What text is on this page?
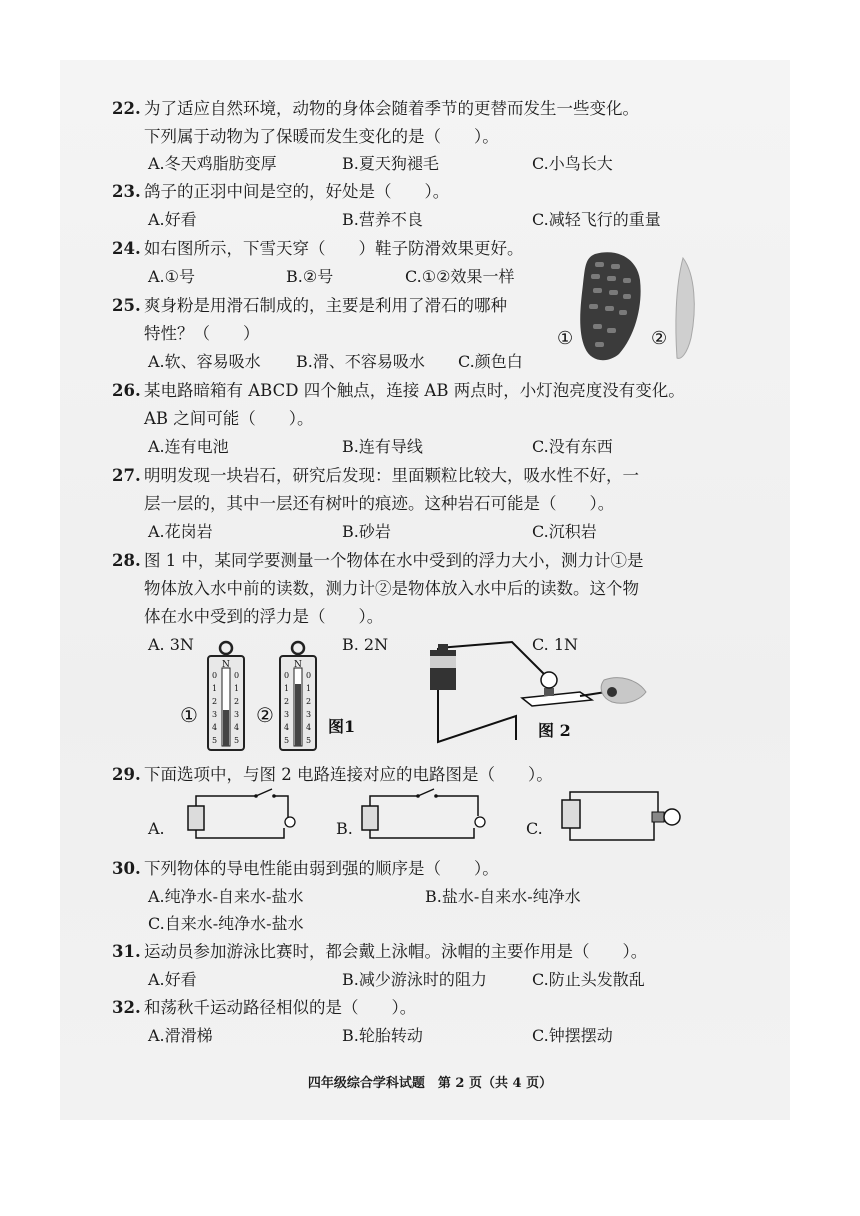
22. 为了适应自然环境，动物的身体会随着季节的更替而发生一些变化。
下列属于动物为了保暖而发生变化的是（　　）。
A.冬天鸡脂肪变厚	B.夏天狗褪毛	C.小鸟长大
23. 鸽子的正羽中间是空的，好处是（　　）。
A.好看	B.营养不良	C.减轻飞行的重量
24. 如右图所示，下雪天穿（　　）鞋子防滑效果更好。
A.①号	B.②号	C.①②效果一样
①	②
25. 爽身粉是用滑石制成的，主要是利用了滑石的哪种
特性？（　　）
A.软、容易吸水 B.滑、不容易吸水 C.颜色白
26. 某电路暗箱有 ABCD 四个触点，连接 AB 两点时，小灯泡亮度没有变化。
AB 之间可能（　　）。
A.连有电池	B.连有导线	C.没有东西
27. 明明发现一块岩石，研究后发现：里面颗粒比较大，吸水性不好，一
层一层的，其中一层还有树叶的痕迹。这种岩石可能是（　　）。
A.花岗岩	B.砂岩	C.沉积岩
28. 图 1 中，某同学要测量一个物体在水中受到的浮力大小，测力计①是
物体放入水中前的读数，测力计②是物体放入水中后的读数。这个物
体在水中受到的浮力是（　　）。
A. 3N	B. 2N	C. 1N
①
N
0
1
2
3
4
5
0
1
2
3
4
5
②
N
0
1
2
3
4
5
0
1
2
3
4
5
图1	图 2
29. 下面选项中，与图 2 电路连接对应的电路图是（　　）。
A.	B.	C.
30. 下列物体的导电性能由弱到强的顺序是（　　）。
A.纯净水-自来水-盐水	B.盐水-自来水-纯净水
C.自来水-纯净水-盐水
31. 运动员参加游泳比赛时，都会戴上泳帽。泳帽的主要作用是（　　）。
A.好看	B.减少游泳时的阻力	C.防止头发散乱
32. 和荡秋千运动路径相似的是（　　）。
A.滑滑梯	B.轮胎转动	C.钟摆摆动
四年级综合学科试题　第 2 页（共 4 页）
